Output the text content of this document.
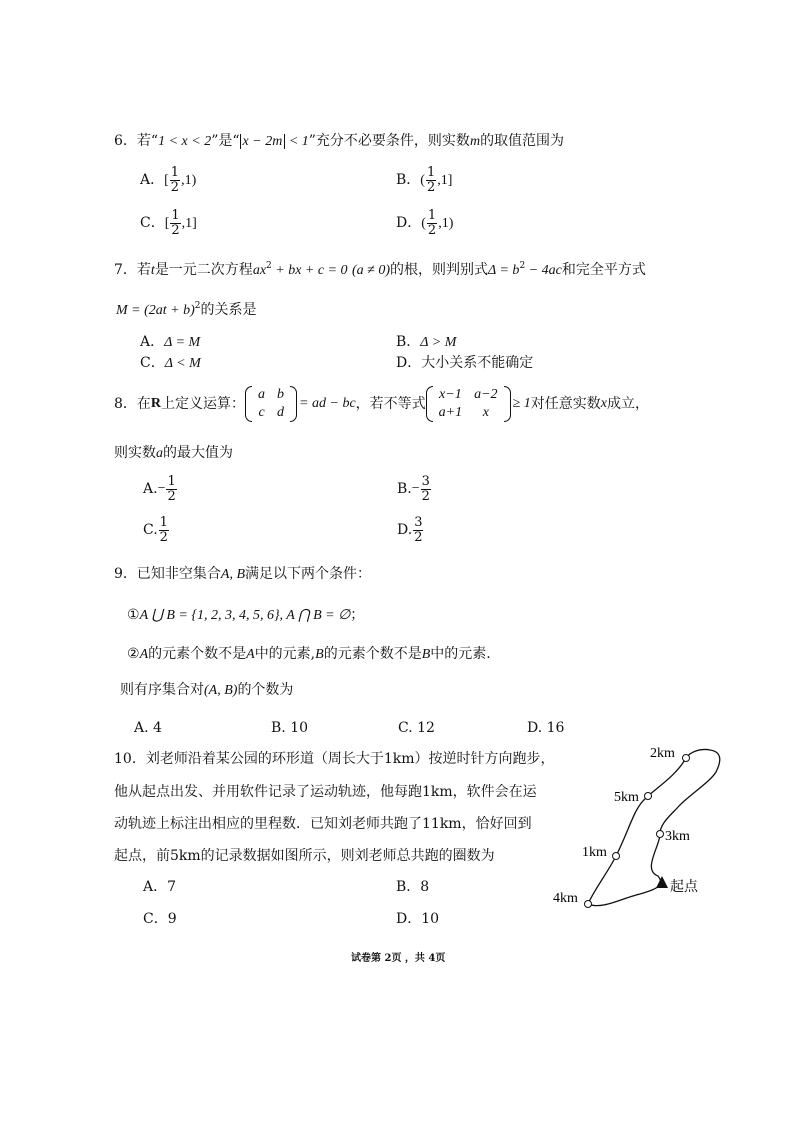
6．若“1 < x < 2”是“ x − 2m < 1”充分不必要条件，则实数m的取值范围为
A．[ $\frac{1}{2} ,1$)	B．( $\frac{1}{2} ,1$]
C．[ $\frac{1}{2} ,1$]	D．( $\frac{1}{2} ,1$)
7．若t是一元二次方程$ax^2$ + bx + c = 0 (a ≠ 0)的根，则判别式$\Delta = b^2 - 4ac$和完全平方式
$M = (2at + b)^2$的关系是
A．Δ = M	B．Δ > M
C．Δ < M	D．大小关系不能确定
8． 在 R 上定义运算：
a	b
c	d
= ad − bc ，若不等式
x−1	a−2
a+1	x
≥ 1 对任意实数 x 成立，
则实数a的最大值为
$A.- \frac{1}{2}$	$B.- \frac{3}{2}$
C. $\frac{1}{2}$	D. $\frac{3}{2}$
9．已知非空集合A, B满足以下两个条件：
①A ⋃ B = {1, 2, 3, 4, 5, 6}, A ⋂ B = ∅；
②A的元素个数不是A中的元素,B的元素个数不是B中的元素.
则有序集合对(A, B)的个数为
A. 4	B. 10	C. 12	D. 16
10．刘老师沿着某公园的环形道（周长大于1km）按逆时针方向跑步，
他从起点出发、并用软件记录了运动轨迹，他每跑1km，软件会在运
动轨迹上标注出相应的里程数．已知刘老师共跑了11km，恰好回到
起点，前5km的记录数据如图所示，则刘老师总共跑的圈数为
A．7	B．8
C．9	D．10
2km
5km
3km
1km
4km
起点
试卷第 2页 ，共 4页
